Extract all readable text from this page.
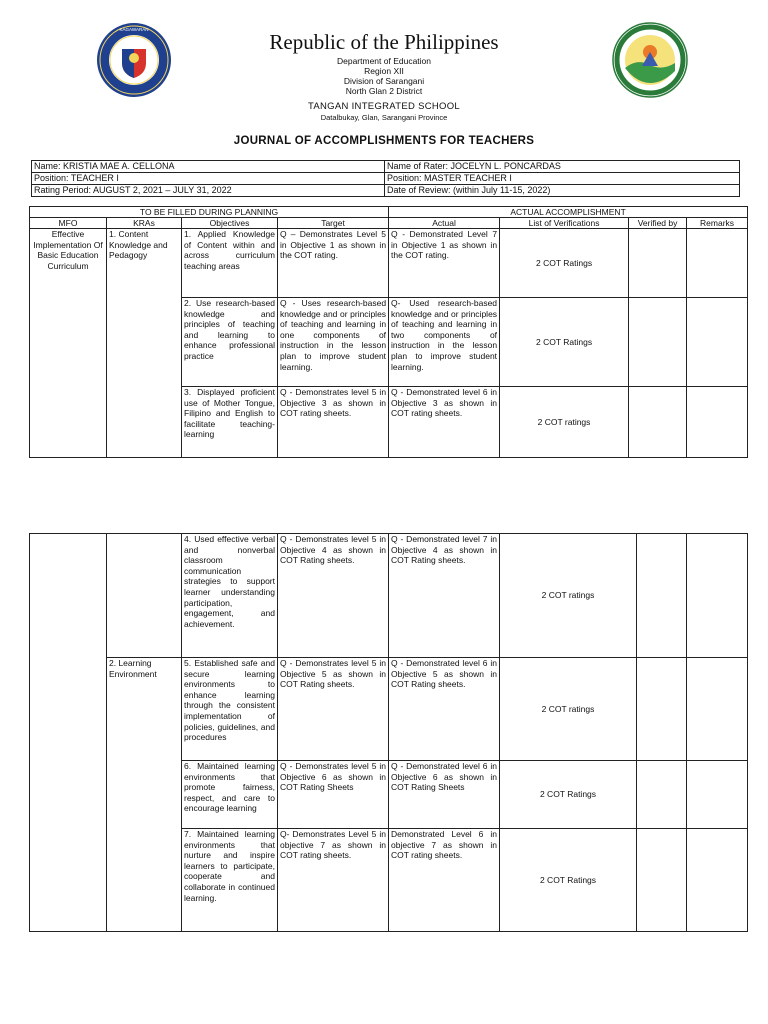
KAGAWARAN
Republic of the Philippines
Department of Education
Region XII
Division of Sarangani
North Glan 2 District
TANGAN INTEGRATED SCHOOL
Datalbukay, Glan, Sarangani Province
JOURNAL OF ACCOMPLISHMENTS FOR TEACHERS
Name: KRISTIA MAE A. CELLONA	Name of Rater: JOCELYN L. PONCARDAS
Position: TEACHER I	Position: MASTER TEACHER I
Rating Period: AUGUST 2, 2021 – JULY 31, 2022	Date of Review: (within July 11-15, 2022)
TO BE FILLED DURING PLANNING				ACTUAL ACCOMPLISHMENT			
MFO	KRAs	Objectives	Target	Actual	List of Verifications	Verified by	Remarks
Effective Implementation Of Basic Education Curriculum	1. Content Knowledge and Pedagogy	1. Applied Knowledge of Content within and across curriculum teaching areas	Q – Demonstrates Level 5 in Objective 1 as shown in the COT rating.	Q - Demonstrated Level 7 in Objective 1 as shown in the COT rating.	2 COT Ratings		
		2. Use research-based knowledge and principles of teaching and learning to enhance professional practice	Q - Uses research-based knowledge and or principles of teaching and learning in one components of instruction in the lesson plan to improve student learning.	Q- Used research-based knowledge and or principles of teaching and learning in two components of instruction in the lesson plan to improve student learning.	2 COT Ratings		
		3. Displayed proficient use of Mother Tongue, Filipino and English to facilitate teaching-learning	Q - Demonstrates level 5 in Objective 3 as shown in COT rating sheets.	Q - Demonstrated level 6 in Objective 3 as shown in COT rating sheets.	2 COT ratings		
		4. Used effective verbal and nonverbal classroom communication strategies to support learner understanding participation, engagement, and achievement.	Q - Demonstrates level 5 in Objective 4 as shown in COT Rating sheets.	Q - Demonstrated level 7 in Objective 4 as shown in COT Rating sheets.	2 COT ratings		
	2. Learning Environment	5. Established safe and secure learning environments to enhance learning through the consistent implementation of policies, guidelines, and procedures	Q - Demonstrates level 5 in Objective 5 as shown in COT Rating sheets.	Q - Demonstrated level 6 in Objective 5 as shown in COT Rating sheets.	2 COT ratings		
		6. Maintained learning environments that promote fairness, respect, and care to encourage learning	Q - Demonstrates level 5 in Objective 6 as shown in COT Rating Sheets	Q - Demonstrated level 6 in Objective 6 as shown in COT Rating Sheets	2 COT Ratings		
		7. Maintained learning environments that nurture and inspire learners to participate, cooperate and collaborate in continued learning.	Q- Demonstrates Level 5 in objective 7 as shown in COT rating sheets.	Demonstrated Level 6 in objective 7 as shown in COT rating sheets.	2 COT Ratings		
